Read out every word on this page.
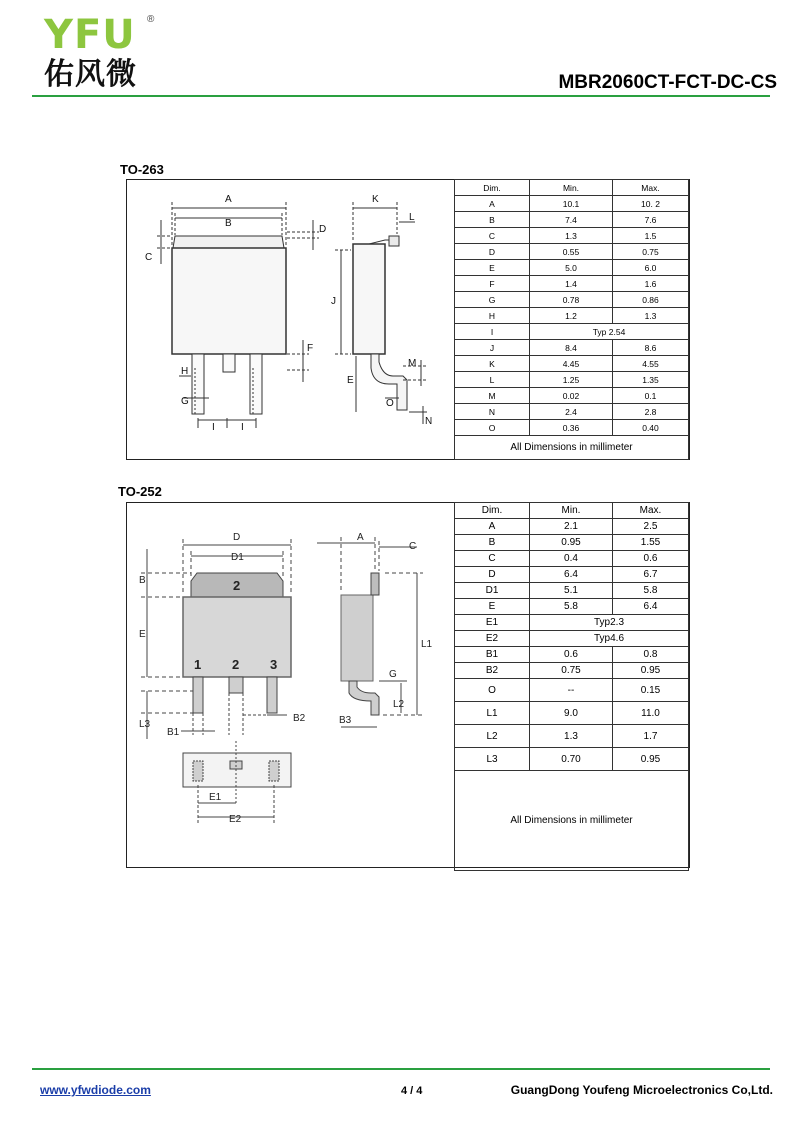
YFU ®
佑风微	MBR2060CT-FCT-DC-CS
TO-263
A
B
C
D
J
F
H
G
I	I
K
L
M
E
O
N
Dim.	Min.	Max.
A	10.1	10. 2
B	7.4	7.6
C	1.3	1.5
D	0.55	0.75
E	5.0	6.0
F	1.4	1.6
G	0.78	0.86
H	1.2	1.3
I	Typ 2.54	
J	8.4	8.6
K	4.45	4.55
L	1.25	1.35
M	0.02	0.1
N	2.4	2.8
O	0.36	0.40
All Dimensions in millimeter		
TO-252
D
D1
B
E
A
C
L1
2
1 2 3
G
L2
L3
B1
B2	B3
E1
E2
Dim.	Min.	Max.
A	2.1	2.5
B	0.95	1.55
C	0.4	0.6
D	6.4	6.7
D1	5.1	5.8
E	5.8	6.4
E1	Typ2.3	
E2	Typ4.6	
B1	0.6	0.8
B2	0.75	0.95
O	--	0.15
L1	9.0	11.0
L2	1.3	1.7
L3	0.70	0.95
All Dimensions in millimeter		
www.yfwdiode.com	4 / 4	GuangDong Youfeng Microelectronics Co,Ltd.
